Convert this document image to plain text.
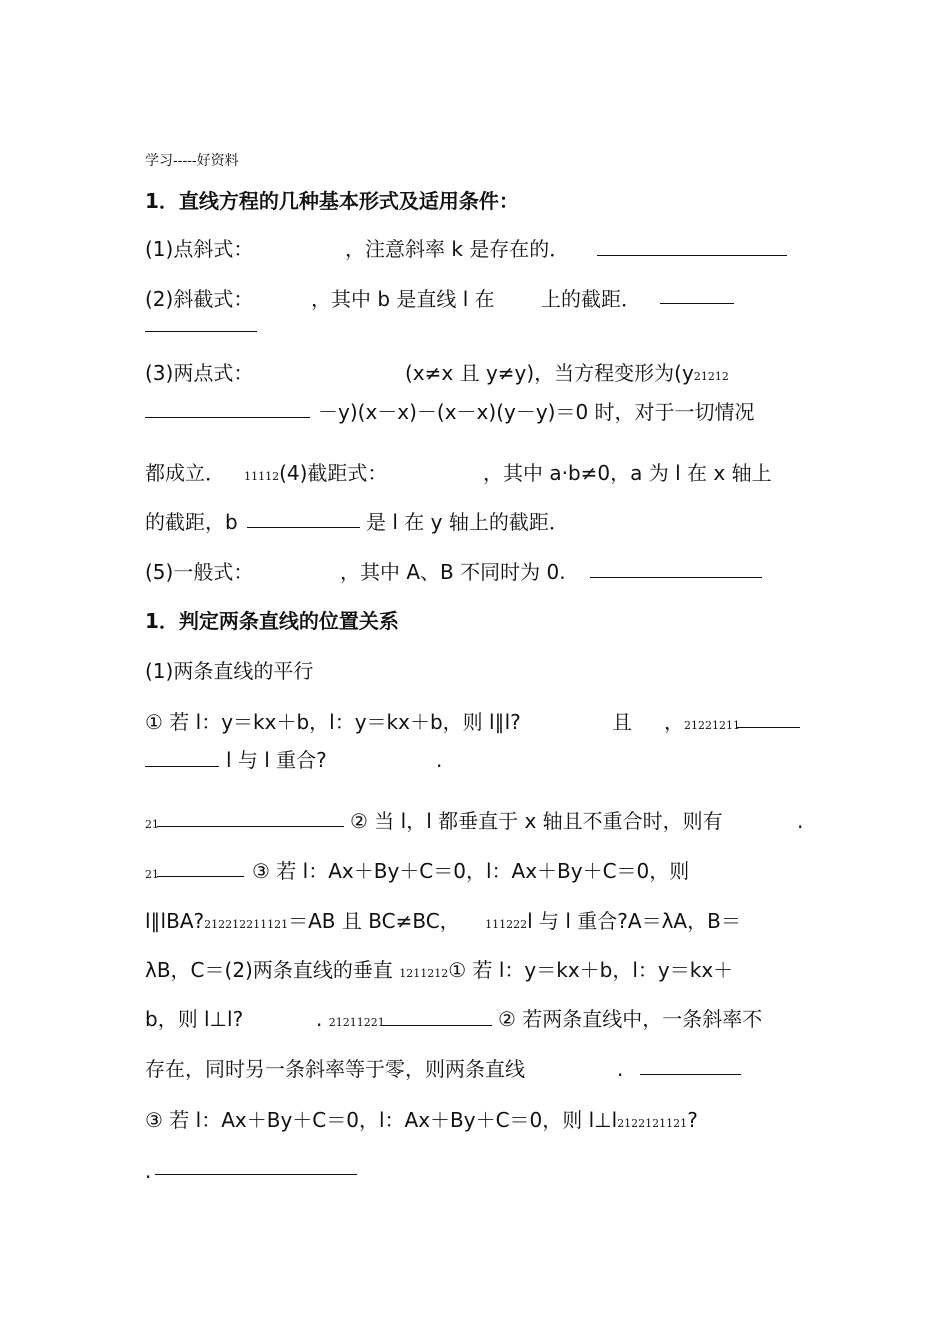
学习-----好资料
1．直线方程的几种基本形式及适用条件：
(1)点斜式：	，注意斜率 k 是存在的．
(2)斜截式：	，其中 b 是直线 l 在 上的截距．
(3)两点式：	(x≠x 且 y≠y)，当方程变形为(y21212
－y)(x－x)－(x－x)(y－y)＝0 时，对于一切情况
都成立． 11112(4)截距式：	，其中 a·b≠0，a 为 l 在 x 轴上
的截距，b	是 l 在 y 轴上的截距．
(5)一般式：	，其中 A、B 不同时为 0.
1．判定两条直线的位置关系
(1)两条直线的平行
① 若 l：y＝kx＋b，l：y＝kx＋b，则 l∥l?	且 ，21221211
l 与 l 重合?	.
21	② 当 l，l 都垂直于 x 轴且不重合时，则有	.
21	③ 若 l：Ax＋By＋C＝0，l：Ax＋By＋C＝0，则
l∥lBA?212212211121＝AB 且 BC≠BC， 111222l 与 l 重合?A＝λA，B＝
λB，C＝(2)两条直线的垂直 1211212① 若 l：y＝kx＋b，l：y＝kx＋
b，则 l⊥l?	. 21211221	② 若两条直线中，一条斜率不
存在，同时另一条斜率等于零，则两条直线	.
③ 若 l：Ax＋By＋C＝0，l：Ax＋By＋C＝0，则 l⊥l2122121121?
.
